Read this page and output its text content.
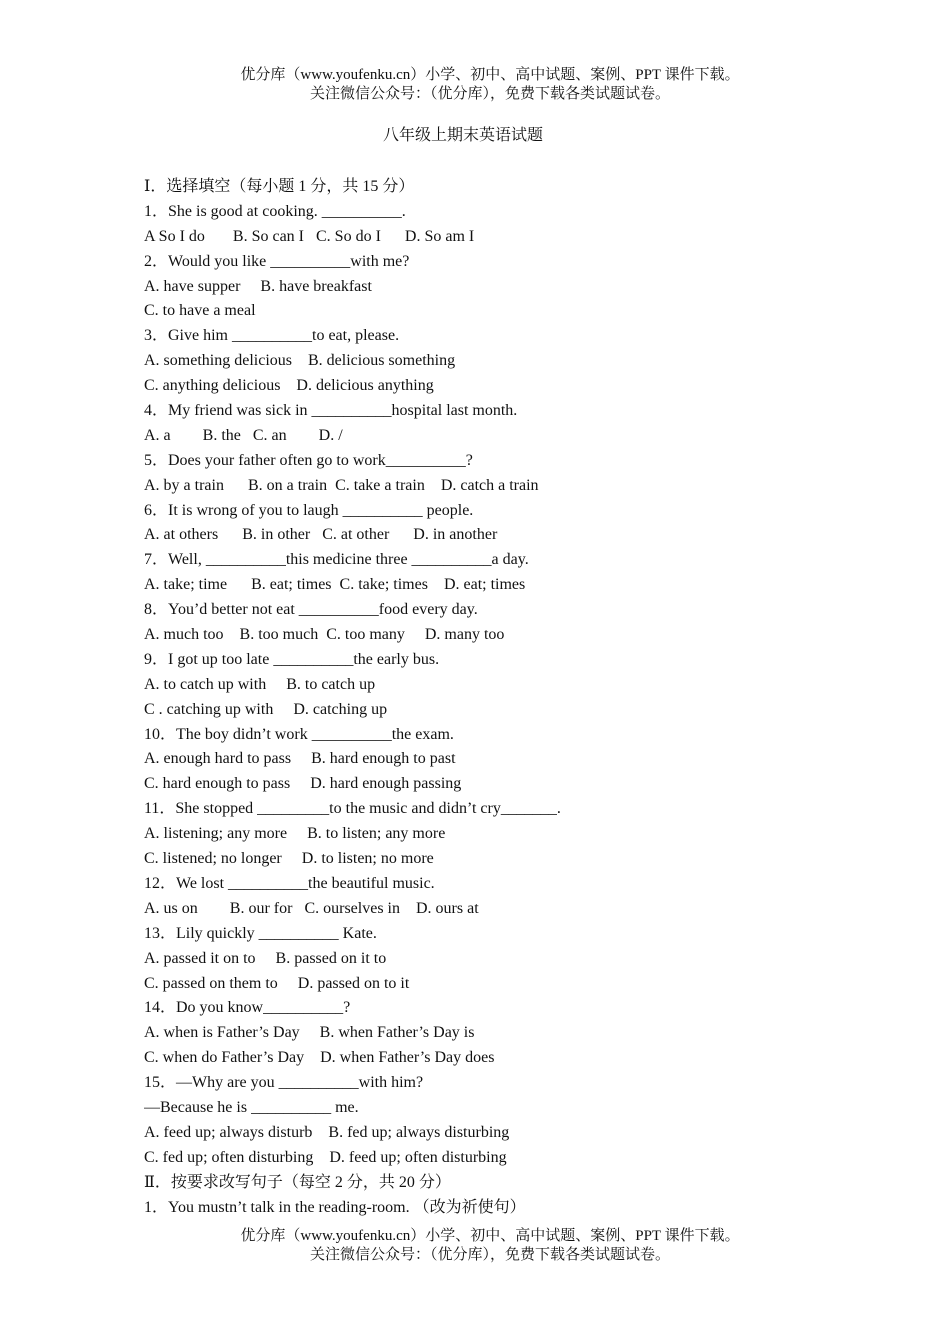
优分库（www.youfenku.cn）小学、初中、高中试题、案例、PPT 课件下载。
关注微信公众号：（优分库），免费下载各类试题试卷。
八年级上期末英语试题
Ⅰ．选择填空（每小题 1 分，共 15 分）
1．She is good at cooking. __________.
A So I do       B. So can I   C. So do I      D. So am I
2．Would you like __________with me?
A. have supper     B. have breakfast
C. to have a meal
3．Give him __________to eat, please.
A. something delicious    B. delicious something
C. anything delicious    D. delicious anything
4．My friend was sick in __________hospital last month.
A. a        B. the   C. an        D. /
5．Does your father often go to work__________?
A. by a train      B. on a train  C. take a train    D. catch a train
6．It is wrong of you to laugh __________ people.
A. at others      B. in other   C. at other      D. in another
7．Well, __________this medicine three __________a day.
A. take; time      B. eat; times  C. take; times    D. eat; times
8．You’d better not eat __________food every day.
A. much too    B. too much  C. too many     D. many too
9．I got up too late __________the early bus.
A. to catch up with     B. to catch up
C . catching up with     D. catching up
10．The boy didn’t work __________the exam.
A. enough hard to pass     B. hard enough to past
C. hard enough to pass     D. hard enough passing
11．She stopped _________to the music and didn’t cry_______.
A. listening; any more     B. to listen; any more
C. listened; no longer     D. to listen; no more
12．We lost __________the beautiful music.
A. us on        B. our for   C. ourselves in    D. ours at
13．Lily quickly __________ Kate.
A. passed it on to     B. passed on it to
C. passed on them to     D. passed on to it
14．Do you know__________?
A. when is Father’s Day     B. when Father’s Day is
C. when do Father’s Day    D. when Father’s Day does
15．—Why are you __________with him?
—Because he is __________ me.
A. feed up; always disturb    B. fed up; always disturbing
C. fed up; often disturbing    D. feed up; often disturbing
Ⅱ．按要求改写句子（每空 2 分，共 20 分）
1．You mustn’t talk in the reading-room. （改为祈使句）
优分库（www.youfenku.cn）小学、初中、高中试题、案例、PPT 课件下载。
关注微信公众号：（优分库），免费下载各类试题试卷。
